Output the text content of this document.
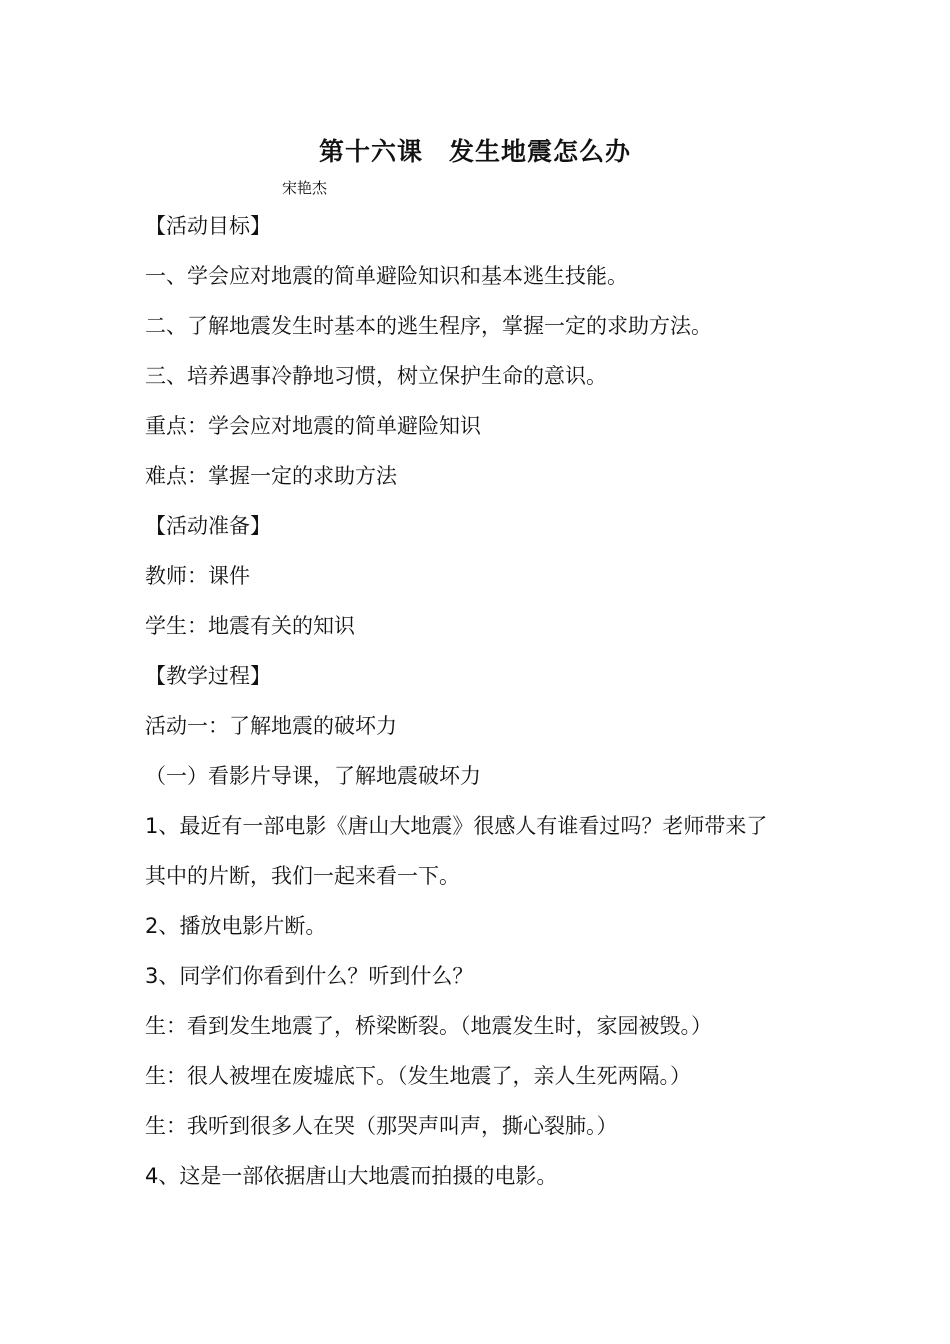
第十六课　发生地震怎么办
宋艳杰
【活动目标】
一、学会应对地震的简单避险知识和基本逃生技能。
二、了解地震发生时基本的逃生程序，掌握一定的求助方法。
三、培养遇事冷静地习惯，树立保护生命的意识。
重点：学会应对地震的简单避险知识
难点：掌握一定的求助方法
【活动准备】
教师：课件
学生：地震有关的知识
【教学过程】
活动一：了解地震的破坏力
（一）看影片导课，了解地震破坏力
1、最近有一部电影《唐山大地震》很感人有谁看过吗？老师带来了
其中的片断，我们一起来看一下。
2、播放电影片断。
3、同学们你看到什么？听到什么？
生：看到发生地震了，桥梁断裂。（地震发生时，家园被毁。）
生：很人被埋在废墟底下。（发生地震了，亲人生死两隔。）
生：我听到很多人在哭（那哭声叫声，撕心裂肺。）
4、这是一部依据唐山大地震而拍摄的电影。
